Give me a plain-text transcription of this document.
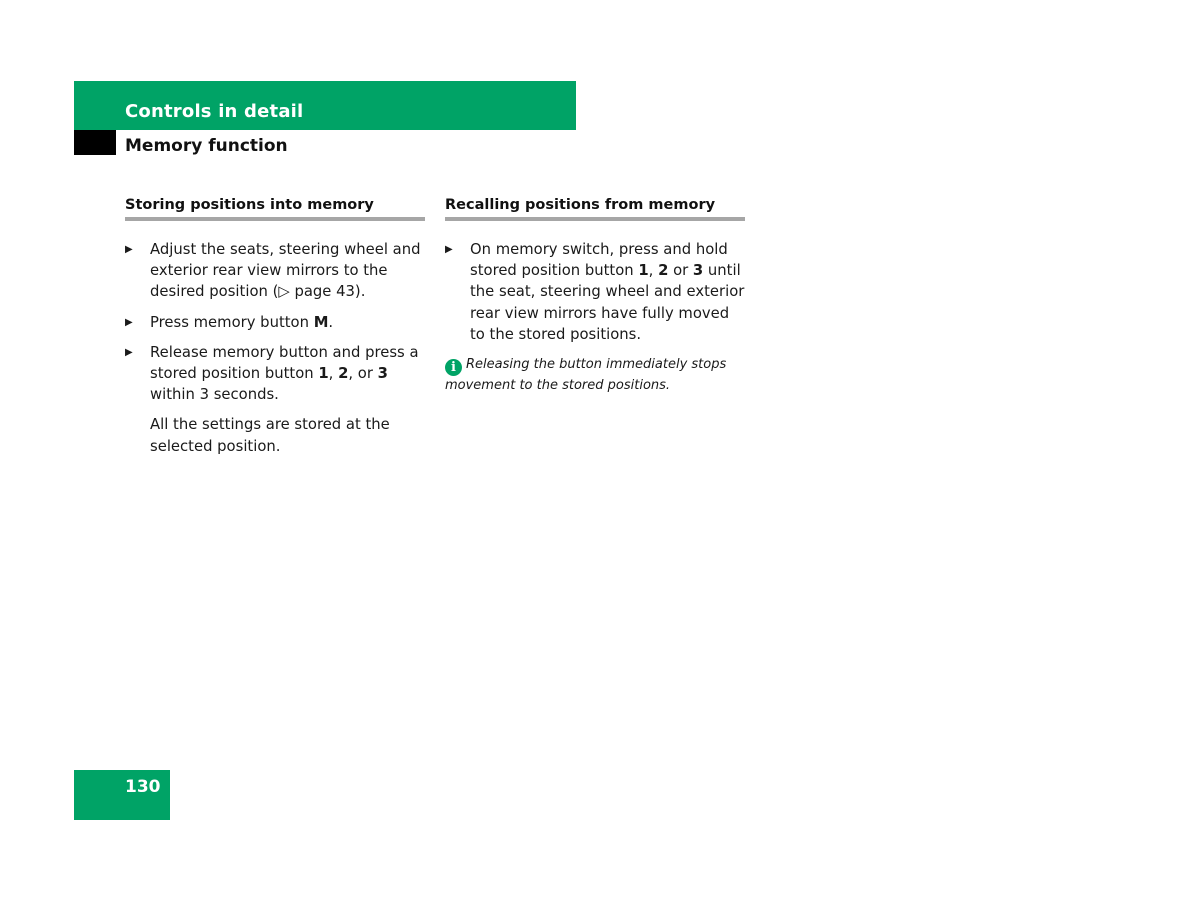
Controls in detail
Memory function
Storing positions into memory
▶ Adjust the seats, steering wheel and exterior rear view mirrors to the desired position (▷ page 43).
▶ Press memory button M.
▶ Release memory button and press a stored position button 1, 2, or 3 within 3 seconds.
All the settings are stored at the selected position.
Recalling positions from memory
▶ On memory switch, press and hold stored position button 1, 2 or 3 until the seat, steering wheel and exterior rear view mirrors have fully moved to the stored positions.
i Releasing the button immediately stops movement to the stored positions.
130
